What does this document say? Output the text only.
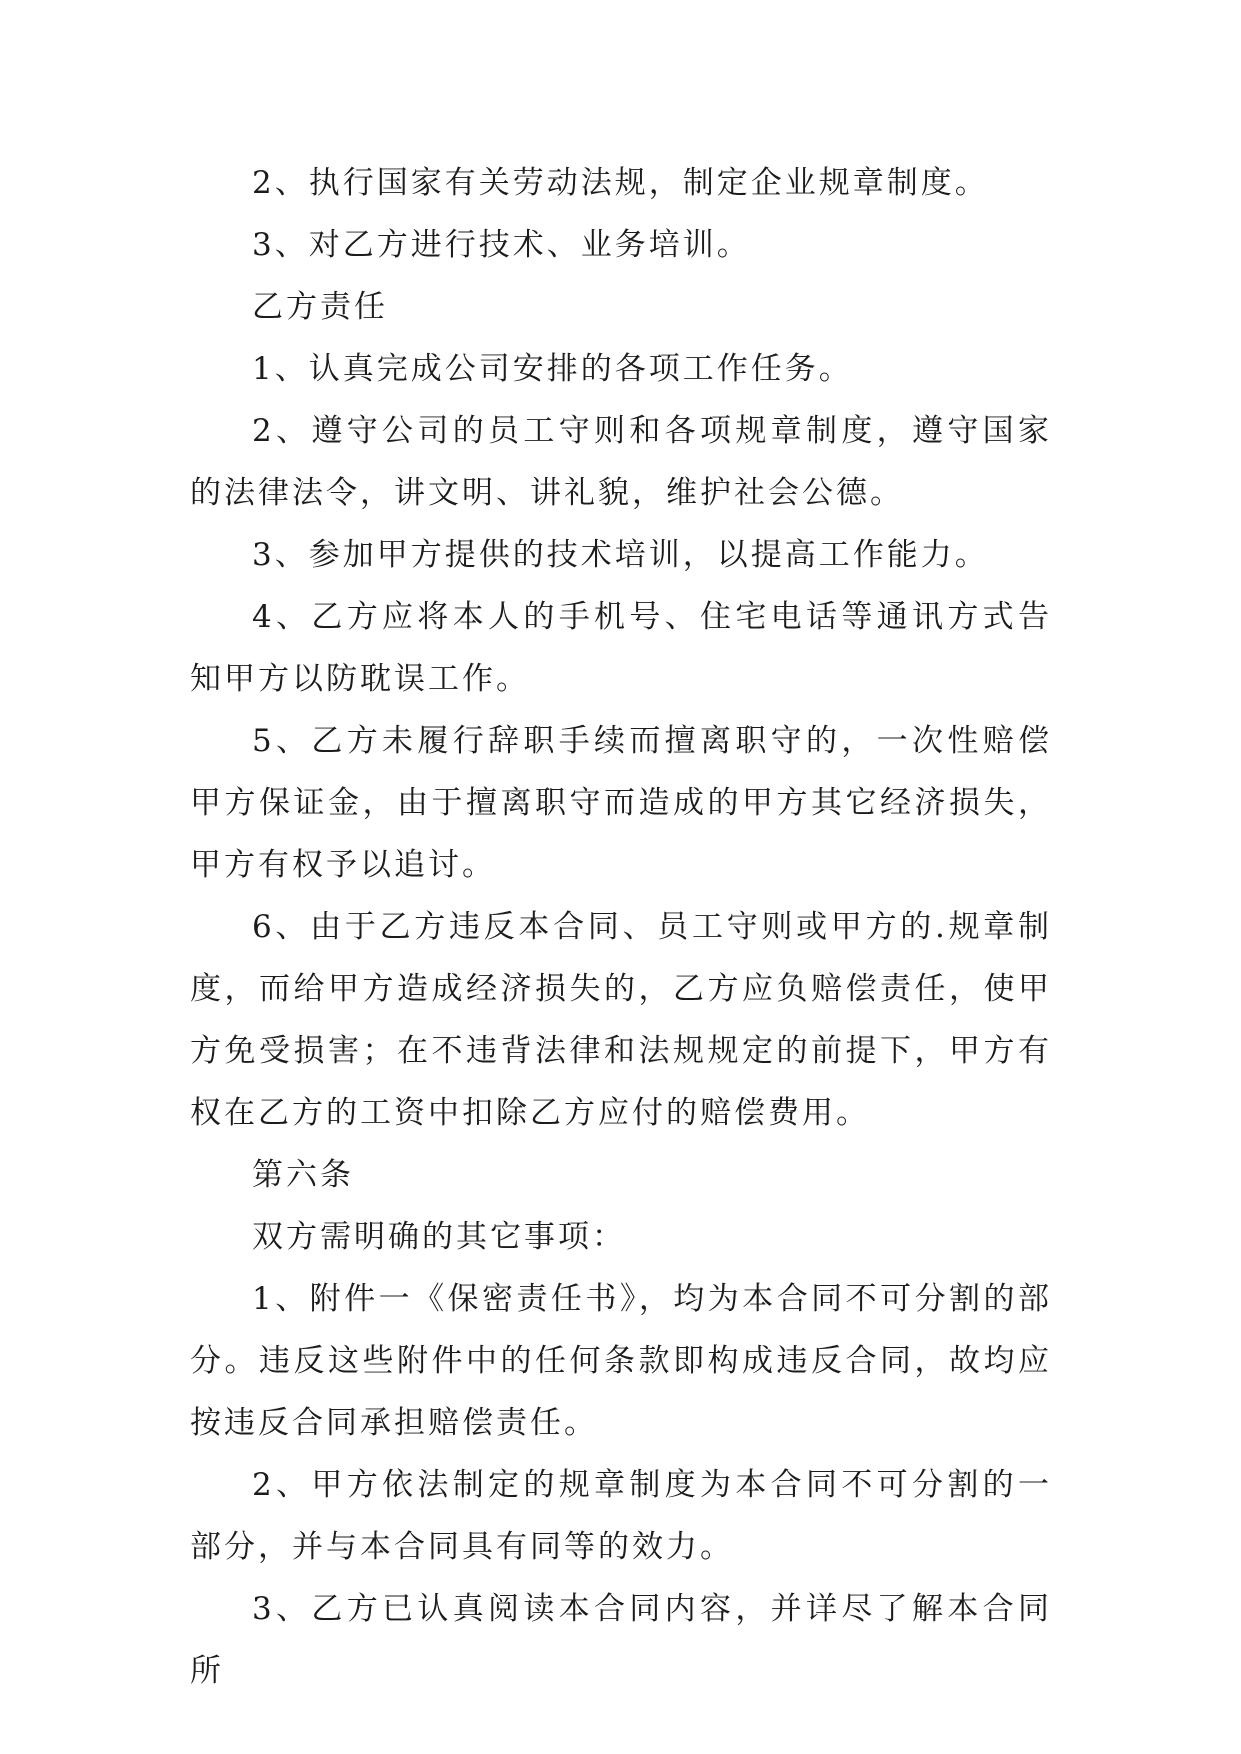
2、执行国家有关劳动法规，制定企业规章制度。

3、对乙方进行技术、业务培训。

乙方责任

1、认真完成公司安排的各项工作任务。

2、遵守公司的员工守则和各项规章制度，遵守国家的法律法令，讲文明、讲礼貌，维护社会公德。

3、参加甲方提供的技术培训，以提高工作能力。

4、乙方应将本人的手机号、住宅电话等通讯方式告知甲方以防耽误工作。

5、乙方未履行辞职手续而擅离职守的，一次性赔偿甲方保证金，由于擅离职守而造成的甲方其它经济损失，甲方有权予以追讨。

6、由于乙方违反本合同、员工守则或甲方的.规章制度，而给甲方造成经济损失的，乙方应负赔偿责任，使甲方免受损害；在不违背法律和法规规定的前提下，甲方有权在乙方的工资中扣除乙方应付的赔偿费用。

第六条

双方需明确的其它事项：

1、附件一《保密责任书》，均为本合同不可分割的部分。违反这些附件中的任何条款即构成违反合同，故均应按违反合同承担赔偿责任。

2、甲方依法制定的规章制度为本合同不可分割的一部分，并与本合同具有同等的效力。

3、乙方已认真阅读本合同内容，并详尽了解本合同所
